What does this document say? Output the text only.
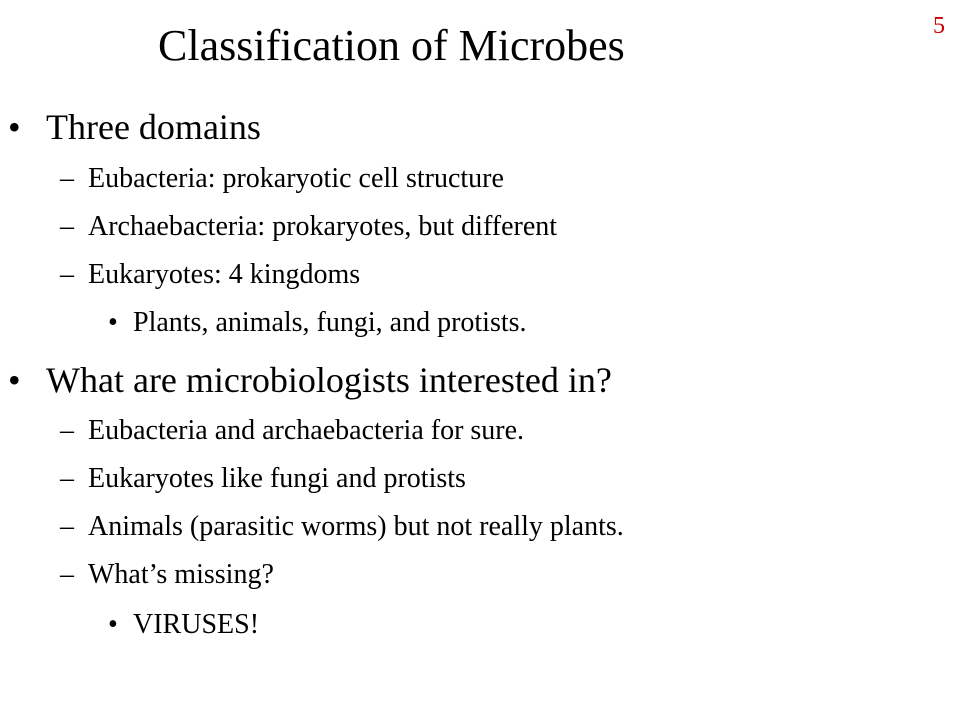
Classification of Microbes	5
• Three domains
– Eubacteria: prokaryotic cell structure
– Archaebacteria: prokaryotes, but different
– Eukaryotes: 4 kingdoms
• Plants, animals, fungi, and protists.
• What are microbiologists interested in?
– Eubacteria and archaebacteria for sure.
– Eukaryotes like fungi and protists
– Animals (parasitic worms) but not really plants.
– What’s missing?
• VIRUSES!
